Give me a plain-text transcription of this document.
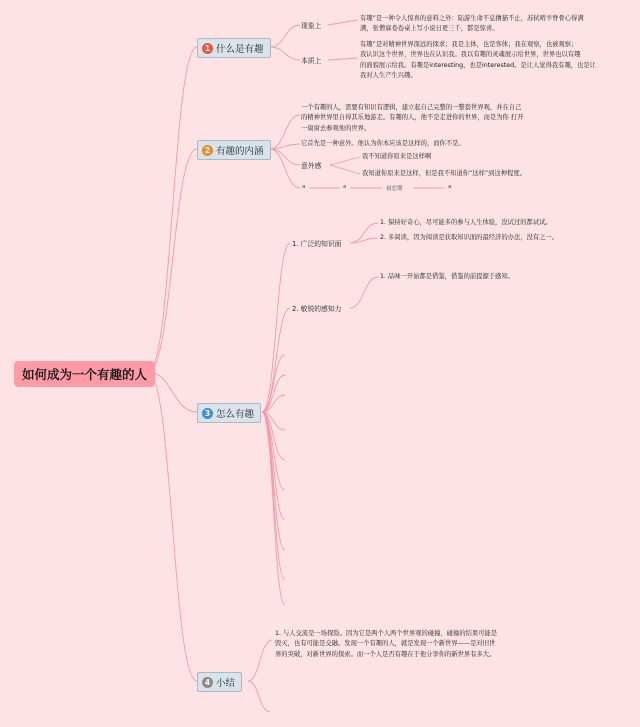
如何成为一个有趣的人
1 什么是有趣
现象上
有趣”是一种令人惊喜的意料之外：陆游生命不息撸猫不止，苏轼啃羊脊骨心得满
满，张僧寐卷卷桌上写小说日更三千，都是惊喜。
本质上
有趣”是对精神世界深远的探求；我是主体，也是客体；我在观察，也被观察；
我认识这个世界，世界也在认识我。我以有趣的灵魂展示给世界，世界也以有趣
的面貌展示给我。有趣是interesting，也是interested。是让人觉得我有趣，也是让
我对人生产生兴趣。
2 有趣的内涵
一个有趣的人，需要有知识有逻辑，建立起自己完整的一整套世界观，并在自己
的精神世界里自得其乐地游走。有趣的人，他不是走进你的世界，而是为你 打开
一扇窗去参观他的世界。
它首先是一种意外。他认为你本应该是这样的，而你不是。
意外感
我不知道你原来是这样啊
我知道你原来是这样，但是我不知道你“这样”到这种程度。
a	a	初恋期	a
3 怎么有趣
1. 广泛的知识面
1. 保持好奇心，尽可能多的参与人生体验，没试过的都试试。
2. 多阅读，因为阅读是获取知识面的最经济的办法，没有之一。
2. 敏锐的感知力
1. 品味一开始都是借鉴，借鉴的前提源于感知。
4 小结
1. 与人交流是一场探险。因为它是两个人两个世界观的碰撞，碰撞的结果可能是
毁灭，也有可能是交融。发现一个有趣的人，就是发现一个新世界——是对旧世
界的突破，对新世界的探索。而一个人是否有趣在于他分享你的新世界有多大。
